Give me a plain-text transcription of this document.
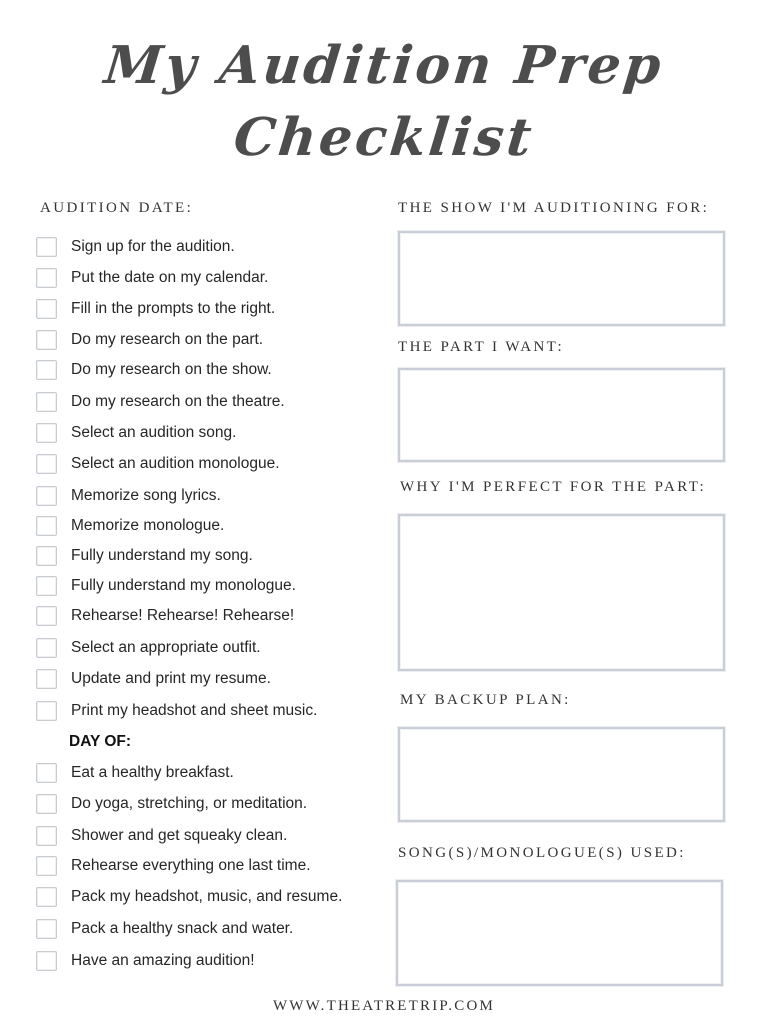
My Audition Prep
Checklist
AUDITION DATE:	THE SHOW I'M AUDITIONING FOR:
THE PART I WANT:
WHY I'M PERFECT FOR THE PART:
MY BACKUP PLAN:
SONG(S)/MONOLOGUE(S) USED:
Sign up for the audition.
Put the date on my calendar.
Fill in the prompts to the right.
Do my research on the part.
Do my research on the show.
Do my research on the theatre.
Select an audition song.
Select an audition monologue.
Memorize song lyrics.
Memorize monologue.
Fully understand my song.
Fully understand my monologue.
Rehearse! Rehearse! Rehearse!
Select an appropriate outfit.
Update and print my resume.
Print my headshot and sheet music.
DAY OF:
Eat a healthy breakfast.
Do yoga, stretching, or meditation.
Shower and get squeaky clean.
Rehearse everything one last time.
Pack my headshot, music, and resume.
Pack a healthy snack and water.
Have an amazing audition!
WWW.THEATRETRIP.COM
